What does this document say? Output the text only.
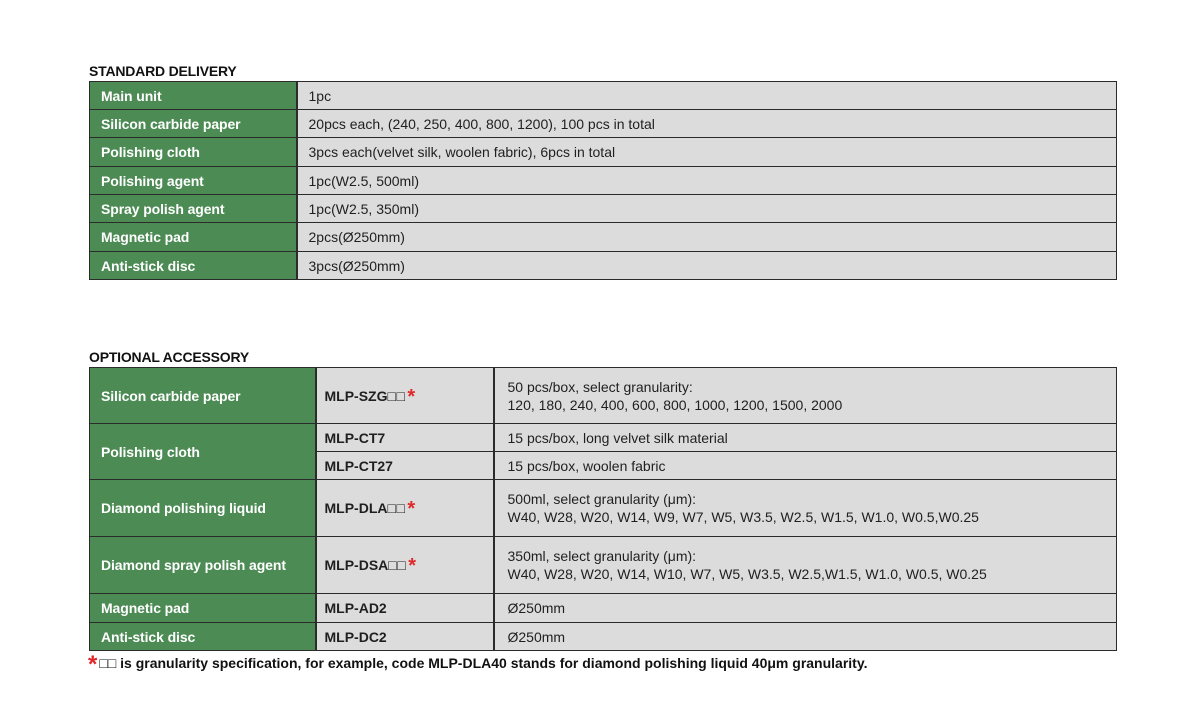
STANDARD DELIVERY
Main unit	1pc
Silicon carbide paper	20pcs each, (240, 250, 400, 800, 1200), 100 pcs in total
Polishing cloth	3pcs each(velvet silk, woolen fabric), 6pcs in total
Polishing agent	1pc(W2.5, 500ml)
Spray polish agent	1pc(W2.5, 350ml)
Magnetic pad	2pcs(Ø250mm)
Anti-stick disc	3pcs(Ø250mm)
OPTIONAL ACCESSORY
Silicon carbide paper	MLP-SZG□□ *	50 pcs/box, select granularity:
120, 180, 240, 400, 600, 800, 1000, 1200, 1500, 2000

Polishing cloth	MLP-CT7	15 pcs/box, long velvet silk material

	MLP-CT27	15 pcs/box, woolen fabric

Diamond polishing liquid	MLP-DLA□□ *	500ml, select granularity (μm):
W40, W28, W20, W14, W9, W7, W5, W3.5, W2.5, W1.5, W1.0, W0.5,W0.25

Diamond spray polish agent	MLP-DSA□□ *	350ml, select granularity (μm):
W40, W28, W20, W14, W10, W7, W5, W3.5, W2.5,W1.5, W1.0, W0.5, W0.25

Magnetic pad	MLP-AD2	Ø250mm

Anti-stick disc	MLP-DC2	Ø250mm
* □□ is granularity specification, for example, code MLP-DLA40 stands for diamond polishing liquid 40μm granularity.
